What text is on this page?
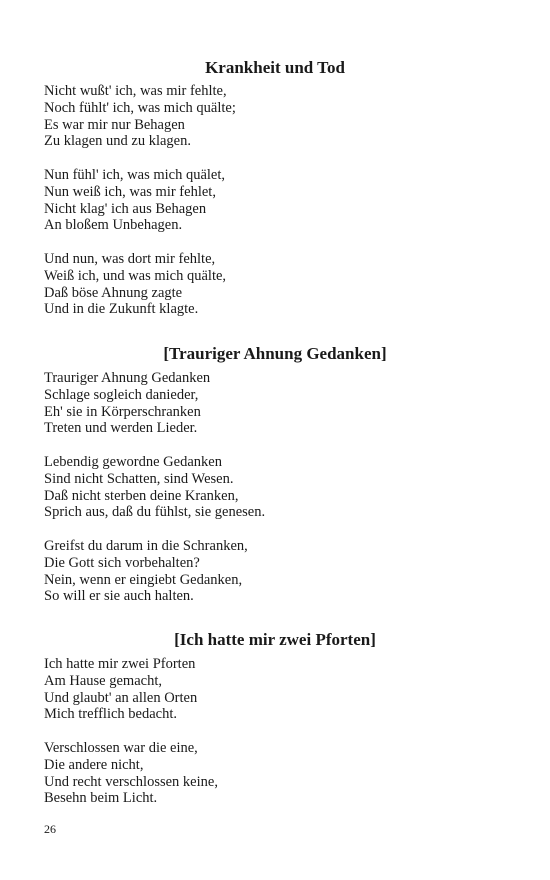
Krankheit und Tod
Nicht wußt' ich, was mir fehlte,
Noch fühlt' ich, was mich quälte;
Es war mir nur Behagen
Zu klagen und zu klagen.
Nun fühl' ich, was mich quälet,
Nun weiß ich, was mir fehlet,
Nicht klag' ich aus Behagen
An bloßem Unbehagen.
Und nun, was dort mir fehlte,
Weiß ich, und was mich quälte,
Daß böse Ahnung zagte
Und in die Zukunft klagte.
[Trauriger Ahnung Gedanken]
Trauriger Ahnung Gedanken
Schlage sogleich danieder,
Eh' sie in Körperschranken
Treten und werden Lieder.
Lebendig gewordne Gedanken
Sind nicht Schatten, sind Wesen.
Daß nicht sterben deine Kranken,
Sprich aus, daß du fühlst, sie genesen.
Greifst du darum in die Schranken,
Die Gott sich vorbehalten?
Nein, wenn er eingiebt Gedanken,
So will er sie auch halten.
[Ich hatte mir zwei Pforten]
Ich hatte mir zwei Pforten
Am Hause gemacht,
Und glaubt' an allen Orten
Mich trefflich bedacht.
Verschlossen war die eine,
Die andere nicht,
Und recht verschlossen keine,
Besehn beim Licht.
26
